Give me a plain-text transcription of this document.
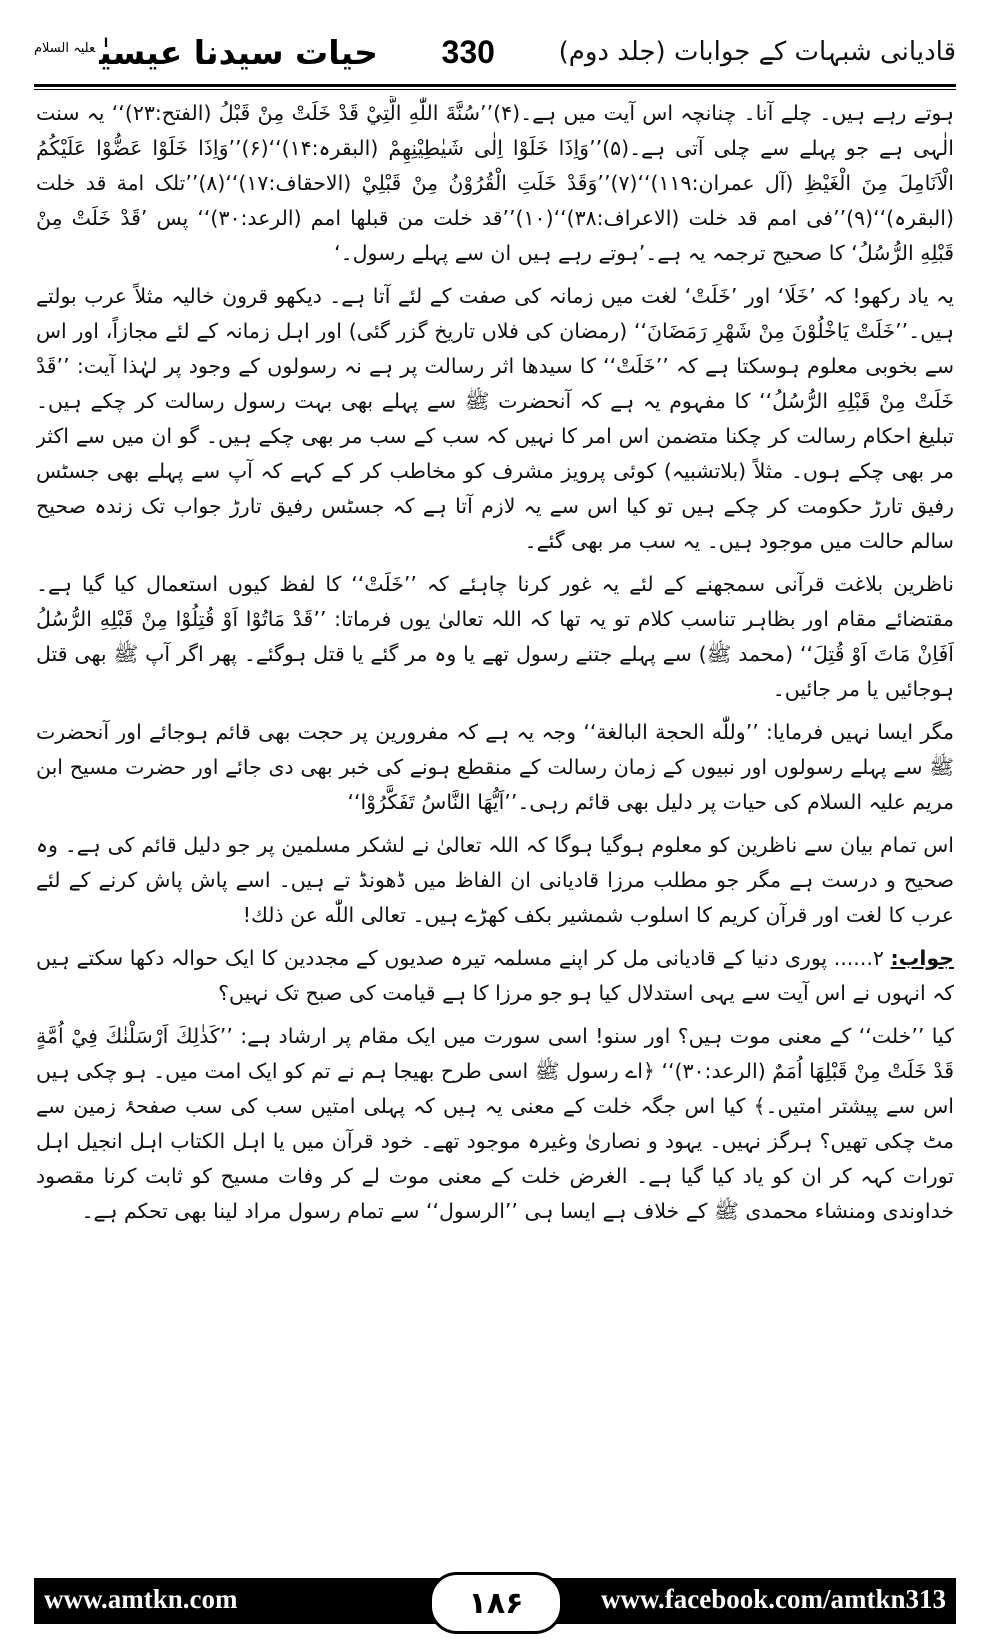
حیات سیدنا عیسیٰ$^{علیہ السلام}$	330 قادیانی شبہات کے جوابات (جلد دوم)

ہوتے رہے ہیں۔ چلے آنا۔ چنانچہ اس آیت میں ہے۔(۴)’’سُنَّةَ اللّٰهِ الَّتِيْ قَدْ خَلَتْ مِنْ قَبْلُ (الفتح:۲۳)‘‘ یہ سنت الٰہی ہے جو پہلے سے چلی آتی ہے۔(۵)’’وَاِذَا خَلَوْا اِلٰی شَيٰطِيْنِهِمْ (البقرہ:۱۴)‘‘(۶)’’وَاِذَا خَلَوْا عَضُّوْا عَلَيْكُمُ الْاَنَامِلَ مِنَ الْغَيْظِ (آل عمران:۱۱۹)‘‘(۷)’’وَقَدْ خَلَتِ الْقُرُوْنُ مِنْ قَبْلِيْ (الاحقاف:۱۷)‘‘(۸)’’تلک امة قد خلت (البقرہ)‘‘(۹)’’فی امم قد خلت (الاعراف:۳۸)‘‘(۱۰)’’قد خلت من قبلها امم (الرعد:۳۰)‘‘ پس ’قَدْ خَلَتْ مِنْ قَبْلِهِ الرُّسُلُ‘ کا صحیح ترجمہ یہ ہے۔’ہوتے رہے ہیں ان سے پہلے رسول۔‘

یہ یاد رکھو! کہ ’خَلَا‘ اور ’خَلَتْ‘ لغت میں زمانہ کی صفت کے لئے آتا ہے۔ دیکھو قرون خالیہ مثلاً عرب بولتے ہیں۔’’خَلَتْ يَاخْلُوْنَ مِنْ شَهْرِ رَمَضَانَ‘‘ (رمضان کی فلاں تاریخ گزر گئی) اور اہل زمانہ کے لئے مجازاً، اور اس سے بخوبی معلوم ہوسکتا ہے کہ ’’خَلَتْ‘‘ کا سیدھا اثر رسالت پر ہے نہ رسولوں کے وجود پر لہٰذا آیت: ’’قَدْ خَلَتْ مِنْ قَبْلِهِ الرُّسُلُ‘‘ کا مفہوم یہ ہے کہ آنحضرت ﷺ سے پہلے بھی بہت رسول رسالت کر چکے ہیں۔ تبلیغ احکام رسالت کر چکنا متضمن اس امر کا نہیں کہ سب کے سب مر بھی چکے ہیں۔ گو ان میں سے اکثر مر بھی چکے ہوں۔ مثلاً (بلاتشبیہ) کوئی پرویز مشرف کو مخاطب کر کے کہے کہ آپ سے پہلے بھی جسٹس رفیق تارڑ حکومت کر چکے ہیں تو کیا اس سے یہ لازم آتا ہے کہ جسٹس رفیق تارڑ جواب تک زندہ صحیح سالم حالت میں موجود ہیں۔ یہ سب مر بھی گئے۔

ناظرین بلاغت قرآنی سمجھنے کے لئے یہ غور کرنا چاہئے کہ ’’خَلَتْ‘‘ کا لفظ کیوں استعمال کیا گیا ہے۔ مقتضائے مقام اور بظاہر تناسب کلام تو یہ تھا کہ اللہ تعالیٰ یوں فرماتا: ’’قَدْ مَاتُوْا اَوْ قُتِلُوْا مِنْ قَبْلِهِ الرُّسُلُ اَفَاِنْ مَاتَ اَوْ قُتِلَ‘‘ (محمد ﷺ) سے پہلے جتنے رسول تھے یا وہ مر گئے یا قتل ہوگئے۔ پھر اگر آپ ﷺ بھی قتل ہوجائیں یا مر جائیں۔

مگر ایسا نہیں فرمایا: ’’وللّٰه الحجة البالغة‘‘ وجہ یہ ہے کہ مفرورین پر حجت بھی قائم ہوجائے اور آنحضرت ﷺ سے پہلے رسولوں اور نبیوں کے زمان رسالت کے منقطع ہونے کی خبر بھی دی جائے اور حضرت مسیح ابن مریم علیہ السلام کی حیات پر دلیل بھی قائم رہی۔’’اَيُّهَا النَّاسُ تَفَكَّرُوْا‘‘

اس تمام بیان سے ناظرین کو معلوم ہوگیا ہوگا کہ اللہ تعالیٰ نے لشکر مسلمین پر جو دلیل قائم کی ہے۔ وہ صحیح و درست ہے مگر جو مطلب مرزا قادیانی ان الفاظ میں ڈھونڈ تے ہیں۔ اسے پاش پاش کرنے کے لئے عرب کا لغت اور قرآن کریم کا اسلوب شمشیر بکف کھڑے ہیں۔ تعالی اللّٰه عن ذلك!

جواب: ۲...... پوری دنیا کے قادیانی مل کر اپنے مسلمہ تیرہ صدیوں کے مجددین کا ایک حوالہ دکھا سکتے ہیں کہ انہوں نے اس آیت سے یہی استدلال کیا ہو جو مرزا کا ہے قیامت کی صبح تک نہیں؟

کیا ’’خلت‘‘ کے معنی موت ہیں؟ اور سنو! اسی سورت میں ایک مقام پر ارشاد ہے: ’’كَذٰلِكَ اَرْسَلْنٰكَ فِيْ اُمَّةٍ قَدْ خَلَتْ مِنْ قَبْلِهَا اُمَمٌ (الرعد:۳۰)‘‘ ﴿اے رسول ﷺ اسی طرح بھیجا ہم نے تم کو ایک امت میں۔ ہو چکی ہیں اس سے پیشتر امتیں۔﴾ کیا اس جگہ خلت کے معنی یہ ہیں کہ پہلی امتیں سب کی سب صفحۂ زمین سے مٹ چکی تھیں؟ ہرگز نہیں۔ یہود و نصاریٰ وغیرہ موجود تھے۔ خود قرآن میں یا اہل الکتاب اہل انجیل اہل تورات کہہ کر ان کو یاد کیا گیا ہے۔ الغرض خلت کے معنی موت لے کر وفات مسیح کو ثابت کرنا مقصود خداوندی ومنشاء محمدی ﷺ کے خلاف ہے ایسا ہی ’’الرسول‘‘ سے تمام رسول مراد لینا بھی تحکم ہے۔

www.amtkn.com	۱۸۶	www.facebook.com/amtkn313
